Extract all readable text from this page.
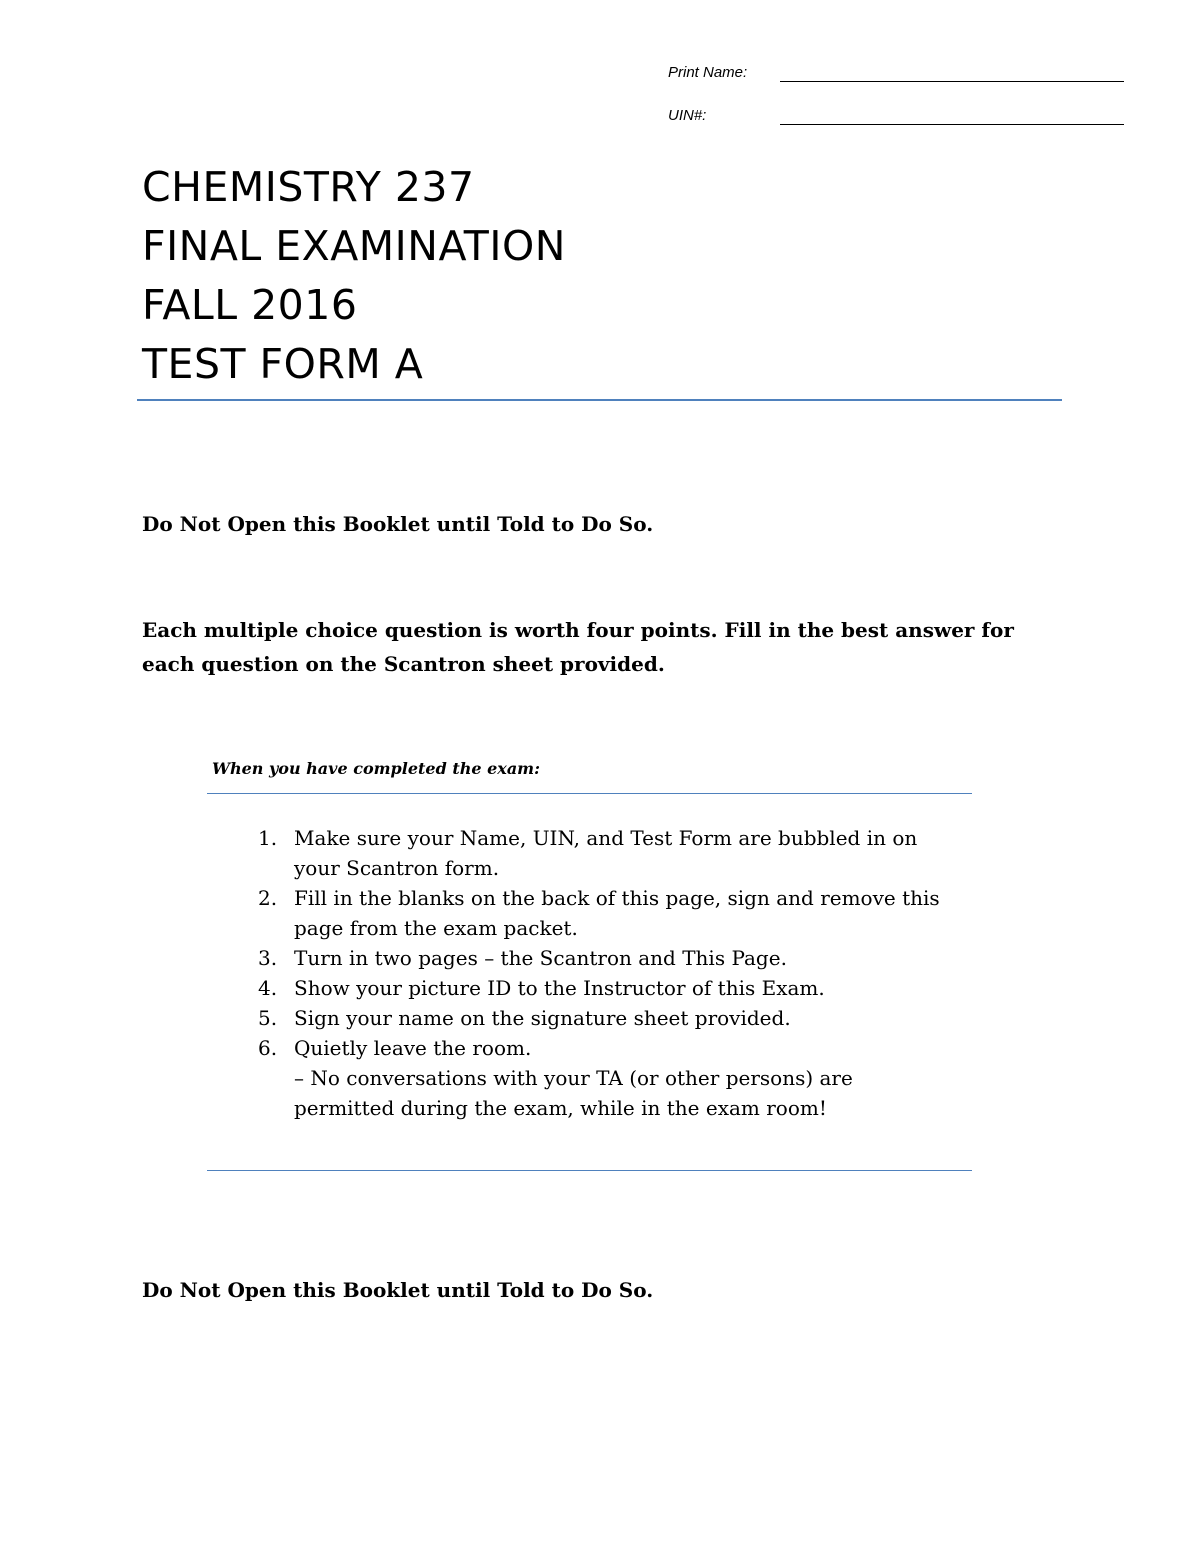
Print Name:
UIN#:
CHEMISTRY 237
FINAL EXAMINATION
FALL 2016
TEST FORM A

Do Not Open this Booklet until Told to Do So.

Each multiple choice question is worth four points. Fill in the best answer for
each question on the Scantron sheet provided.
When you have completed the exam:
1. Make sure your Name, UIN, and Test Form are bubbled in on
your Scantron form.
2. Fill in the blanks on the back of this page, sign and remove this
page from the exam packet.
3. Turn in two pages – the Scantron and This Page.
4. Show your picture ID to the Instructor of this Exam.
5. Sign your name on the signature sheet provided.
6. Quietly leave the room.
– No conversations with your TA (or other persons) are
permitted during the exam, while in the exam room!

Do Not Open this Booklet until Told to Do So.
